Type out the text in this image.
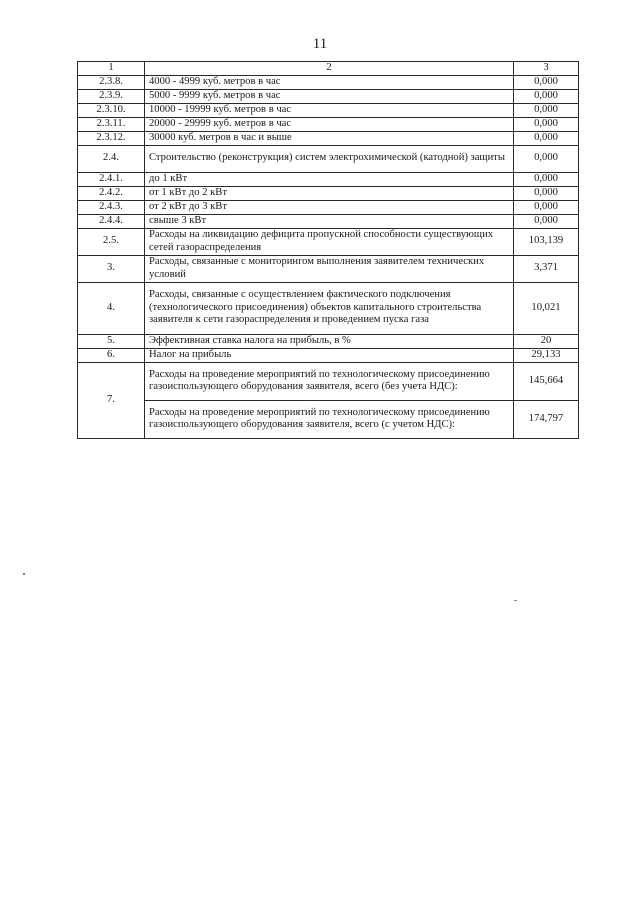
11
1	2	3
2.3.8.	4000 - 4999 куб. метров в час	0,000
2.3.9.	5000 - 9999 куб. метров в час	0,000
2.3.10.	10000 - 19999 куб. метров в час	0,000
2.3.11.	20000 - 29999 куб. метров в час	0,000
2.3.12.	30000 куб. метров в час и выше	0,000
2.4.	Строительство (реконструкция) систем электрохимической (катодной) защиты	0,000
2.4.1.	до 1 кВт	0,000
2.4.2.	от 1 кВт до 2 кВт	0,000
2.4.3.	от 2 кВт до 3 кВт	0,000
2.4.4.	свыше 3 кВт	0,000
2.5.	Расходы на ликвидацию дефицита пропускной способности существующих сетей газораспределения	103,139
3.	Расходы, связанные с мониторингом выполнения заявителем технических условий	3,371
4.	Расходы, связанные с осуществлением фактического подключения (технологического присоединения) объектов капитального строительства заявителя к сети газораспределения и проведением пуска газа	10,021
5.	Эффективная ставка налога на прибыль, в %	20
6.	Налог на прибыль	29,133
7.	Расходы на проведение мероприятий по технологическому присоединению газоиспользующего оборудования заявителя, всего (без учета НДС):	145,664
	Расходы на проведение мероприятий по технологическому присоединению газоиспользующего оборудования заявителя, всего (с учетом НДС):	174,797
